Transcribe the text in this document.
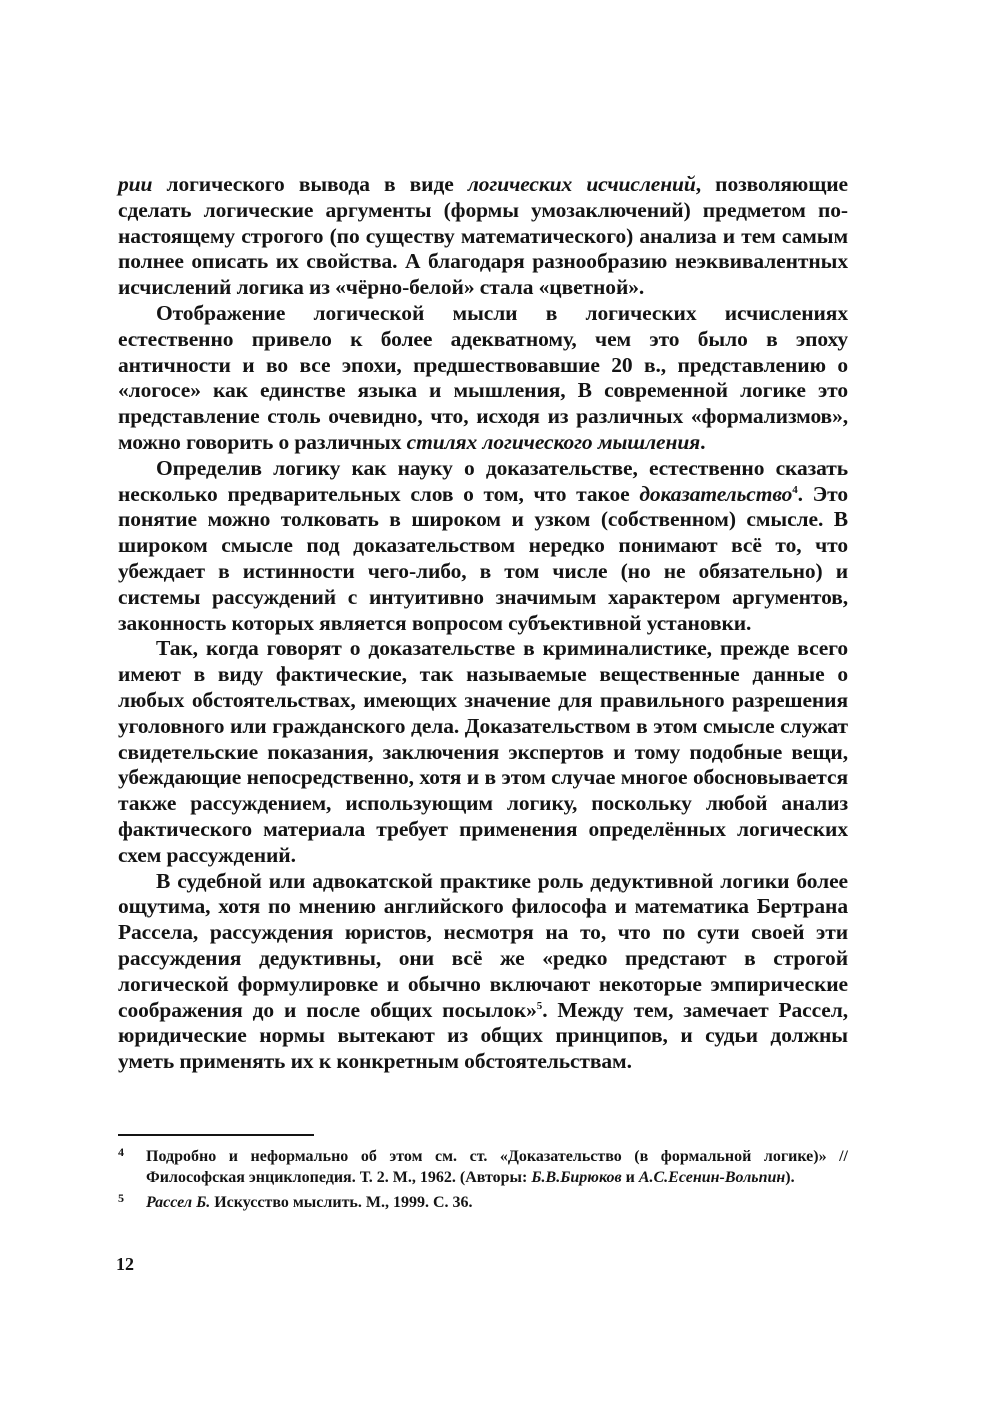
рии логического вывода в виде логических исчислений, позволяющие сделать логические аргументы (формы умозаключений) предметом по-настоящему строгого (по существу математического) анализа и тем самым полнее описать их свойства. А благодаря разнообразию неэквивалентных исчислений логика из «чёрно-белой» стала «цветной».

Отображение логической мысли в логических исчислениях естественно привело к более адекватному, чем это было в эпоху античности и во все эпохи, предшествовавшие 20 в., представлению о «логосе» как единстве языка и мышления, В современной логике это представление столь очевидно, что, исходя из различных «формализмов», можно говорить о различных стилях логического мышления.

Определив логику как науку о доказательстве, естественно сказать несколько предварительных слов о том, что такое доказательство$^4$. Это понятие можно толковать в широком и узком (собственном) смысле. В широком смысле под доказательством нередко понимают всё то, что убеждает в истинности чего-либо, в том числе (но не обязательно) и системы рассуждений с интуитивно значимым характером аргументов, законность которых является вопросом субъективной установки.

Так, когда говорят о доказательстве в криминалистике, прежде всего имеют в виду фактические, так называемые вещественные данные о любых обстоятельствах, имеющих значение для правильного разрешения уголовного или гражданского дела. Доказательством в этом смысле служат свидетельские показания, заключения экспертов и тому подобные вещи, убеждающие непосредственно, хотя и в этом случае многое обосновывается также рассуждением, использующим логику, поскольку любой анализ фактического материала требует применения определённых логических схем рассуждений.

В судебной или адвокатской практике роль дедуктивной логики более ощутима, хотя по мнению английского философа и математика Бертрана Рассела, рассуждения юристов, несмотря на то, что по сути своей эти рассуждения дедуктивны, они всё же «редко предстают в строгой логической формулировке и обычно включают некоторые эмпирические соображения до и после общих посылок»$^5$. Между тем, замечает Рассел, юридические нормы вытекают из общих принципов, и судьи должны уметь применять их к конкретным обстоятельствам.

4 Подробно и неформально об этом см. ст. «Доказательство (в формальной логике)» // Философская энциклопедия. Т. 2. М., 1962. (Авторы: Б.В.Бирюков и А.С.Есенин-Вольпин).
5 Рассел Б. Искусство мыслить. М., 1999. С. 36.
12
